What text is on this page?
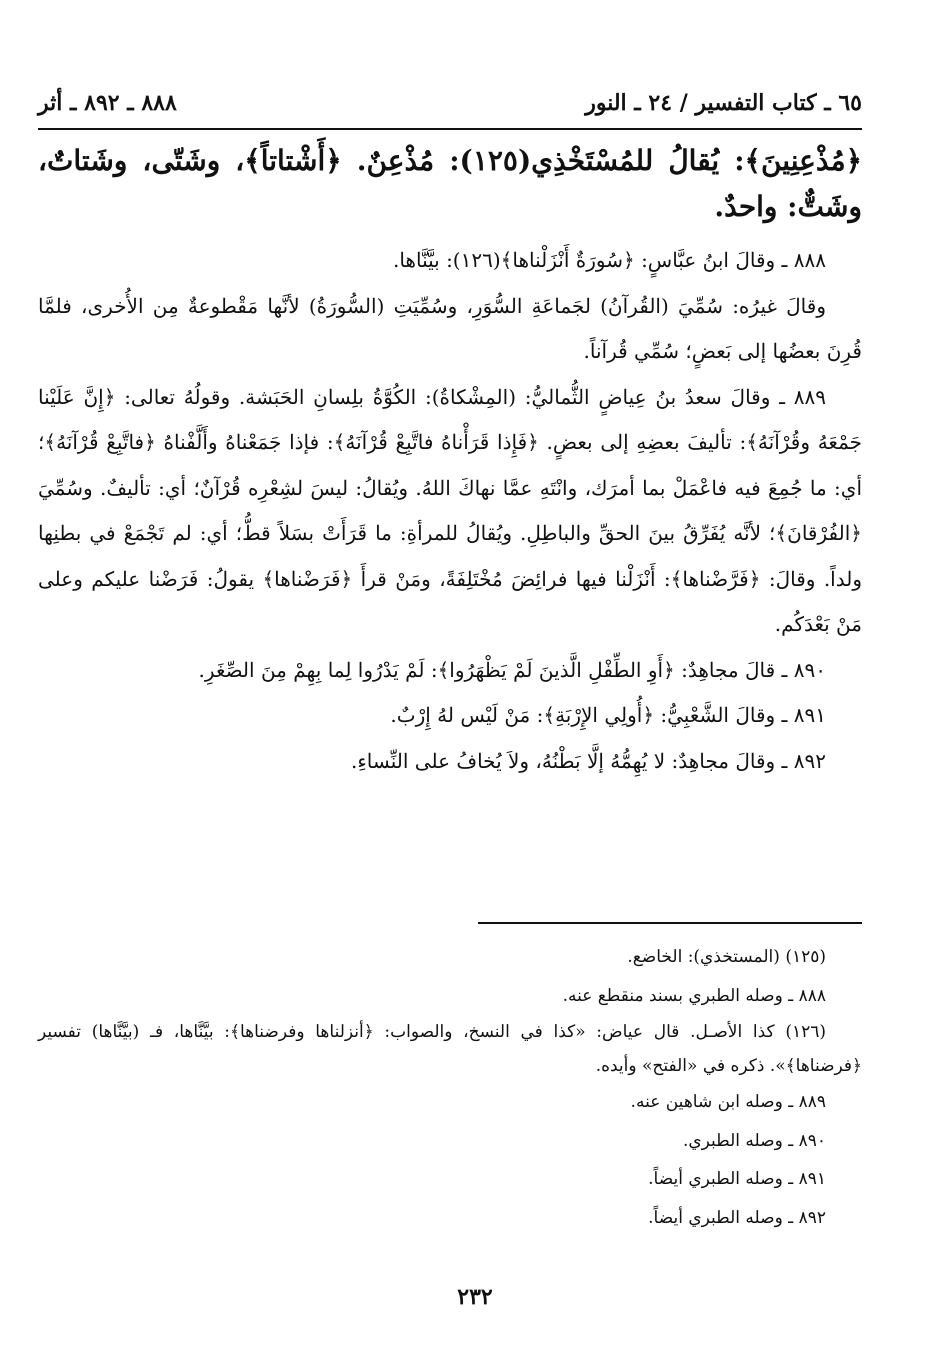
٦٥ ـ كتاب التفسير / ٢٤ ـ النور
٨٨٨ ـ ٨٩٢ ـ أثر

﴿مُذْعِنِينَ﴾: يُقالُ للمُسْتَخْذِي(١٢٥): مُذْعِنٌ. ﴿أَشْتاتاً﴾، وشَتّى، وشَتاتٌ، وشَتٌّ: واحدٌ.

٨٨٨ ـ وقالَ ابنُ عبَّاسٍ: ﴿سُورَةٌ أَنْزَلْناها﴾(١٢٦): بيَّنَّاها.

وقالَ غيرُه: سُمِّيَ (القُرآنُ) لجَماعَةِ السُّوَرِ، وسُمِّيَتِ (السُّورَةُ) لأنَّها مَقْطوعةٌ مِن الأُخرى، فلمَّا قُرِنَ بعضُها إلى بَعضٍ؛ سُمِّي قُرآناً.

٨٨٩ ـ وقالَ سعدُ بنُ عِياضٍ الثُّماليُّ: (المِشْكاةُ): الكُوَّةُ بلِسانِ الحَبَشة. وقولُهُ تعالى: ﴿إِنَّ عَلَيْنا جَمْعَهُ وقُرْآنَهُ﴾: تأليفَ بعضِهِ إلى بعضٍ. ﴿فَإِذا قَرَأْناهُ فاتَّبِعْ قُرْآنَهُ﴾: فإذا جَمَعْناهُ وأَلَّفْناهُ ﴿فاتَّبِعْ قُرْآنَهُ﴾؛ أي: ما جُمِعَ فيه فاعْمَلْ بما أمرَك، وانْتَهِ عمَّا نهاكَ اللهُ. ويُقالُ: ليسَ لشِعْرِه قُرْآنٌ؛ أي: تأليفٌ. وسُمِّيَ ﴿الفُرْقانَ﴾؛ لأنَّه يُفَرِّقُ بينَ الحقِّ والباطِلِ. ويُقالُ للمرأةِ: ما قَرَأَتْ بسَلاً قطُّ؛ أي: لم تَجْمَعْ في بطنِها ولداً. وقالَ: ﴿فَرَّضْناها﴾: أَنْزَلْنا فيها فرائِضَ مُخْتَلِفَةً، ومَنْ قرأَ ﴿فَرَضْناها﴾ يقولُ: فَرَضْنا عليكم وعلى مَنْ بَعْدَكُم.

٨٩٠ ـ قالَ مجاهِدٌ: ﴿أَوِ الطِّفْلِ الَّذينَ لَمْ يَظْهَرُوا﴾: لَمْ يَدْرُوا لِما بِهِمْ مِنَ الصِّغَرِ.

٨٩١ ـ وقالَ الشَّعْبِيُّ: ﴿أُولِي الإِرْبَةِ﴾: مَنْ لَيْس لهُ إِرْبٌ.

٨٩٢ ـ وقالَ مجاهِدٌ: لا يُهِمُّهُ إلَّا بَطْنُهُ، ولاَ يُخافُ على النِّساءِ.

(١٢٥) (المستخذي): الخاضع.

٨٨٨ ـ وصله الطبري بسند منقطع عنه.

(١٢٦) كذا الأصـل. قال عياض: «كذا في النسخ، والصواب: ﴿أنزلناها وفرضناها﴾: بيَّنَّاها، فـ (بيَّنَّاها) تفسير ﴿فرضناها﴾». ذكره في «الفتح» وأيده.

٨٨٩ ـ وصله ابن شاهين عنه.

٨٩٠ ـ وصله الطبري.

٨٩١ ـ وصله الطبري أيضاً.

٨٩٢ ـ وصله الطبري أيضاً.

٢٣٢
